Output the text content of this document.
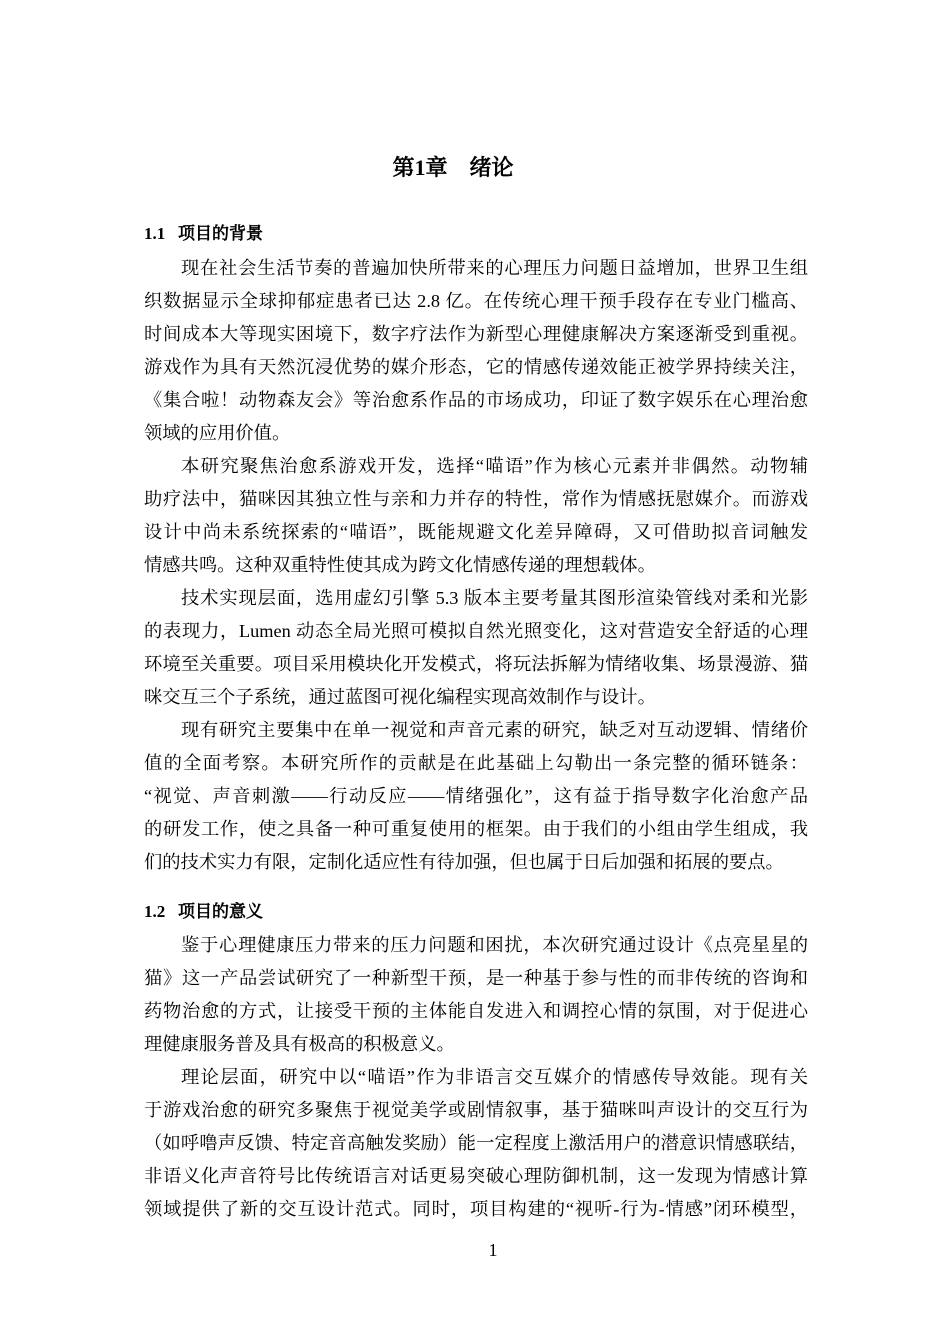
第1章    绪论
1.1   项目的背景
现在社会生活节奏的普遍加快所带来的心理压力问题日益增加，世界卫生组
织数据显示全球抑郁症患者已达 2.8 亿。在传统心理干预手段存在专业门槛高、
时间成本大等现实困境下，数字疗法作为新型心理健康解决方案逐渐受到重视。
游戏作为具有天然沉浸优势的媒介形态，它的情感传递效能正被学界持续关注，
《集合啦！动物森友会》等治愈系作品的市场成功，印证了数字娱乐在心理治愈
领域的应用价值。
本研究聚焦治愈系游戏开发，选择“喵语”作为核心元素并非偶然。动物辅
助疗法中，猫咪因其独立性与亲和力并存的特性，常作为情感抚慰媒介。而游戏
设计中尚未系统探索的“喵语”，既能规避文化差异障碍，又可借助拟音词触发
情感共鸣。这种双重特性使其成为跨文化情感传递的理想载体。
技术实现层面，选用虚幻引擎 5.3 版本主要考量其图形渲染管线对柔和光影
的表现力，Lumen 动态全局光照可模拟自然光照变化，这对营造安全舒适的心理
环境至关重要。项目采用模块化开发模式，将玩法拆解为情绪收集、场景漫游、猫
咪交互三个子系统，通过蓝图可视化编程实现高效制作与设计。
现有研究主要集中在单一视觉和声音元素的研究，缺乏对互动逻辑、情绪价
值的全面考察。本研究所作的贡献是在此基础上勾勒出一条完整的循环链条：
“视觉、声音刺激——行动反应——情绪强化”，这有益于指导数字化治愈产品
的研发工作，使之具备一种可重复使用的框架。由于我们的小组由学生组成，我
们的技术实力有限，定制化适应性有待加强，但也属于日后加强和拓展的要点。
1.2   项目的意义
鉴于心理健康压力带来的压力问题和困扰，本次研究通过设计《点亮星星的
猫》这一产品尝试研究了一种新型干预，是一种基于参与性的而非传统的咨询和
药物治愈的方式，让接受干预的主体能自发进入和调控心情的氛围，对于促进心
理健康服务普及具有极高的积极意义。
理论层面，研究中以“喵语”作为非语言交互媒介的情感传导效能。现有关
于游戏治愈的研究多聚焦于视觉美学或剧情叙事，基于猫咪叫声设计的交互行为
（如呼噜声反馈、特定音高触发奖励）能一定程度上激活用户的潜意识情感联结，
非语义化声音符号比传统语言对话更易突破心理防御机制，这一发现为情感计算
领域提供了新的交互设计范式。同时，项目构建的“视听-行为-情感”闭环模型，
1
